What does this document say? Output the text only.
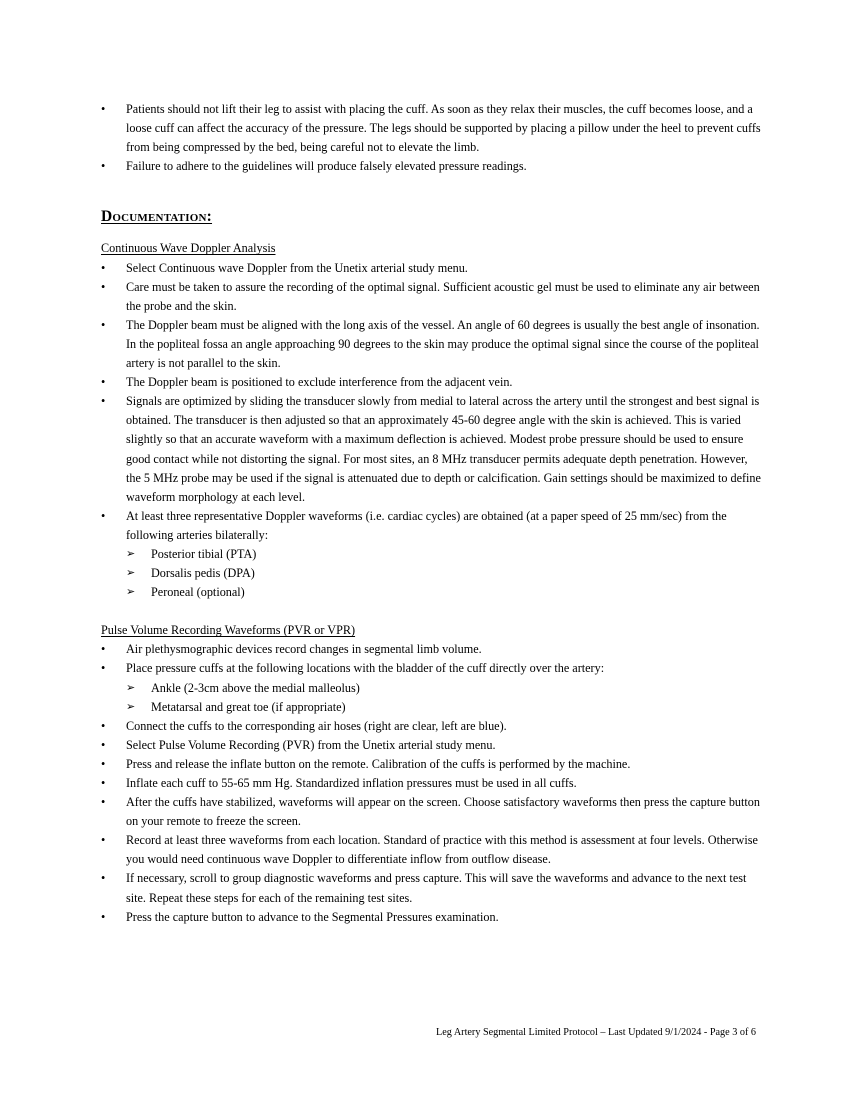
•	Patients should not lift their leg to assist with placing the cuff. As soon as they relax their muscles, the cuff becomes loose, and a loose cuff can affect the accuracy of the pressure. The legs should be supported by placing a pillow under the heel to prevent cuffs from being compressed by the bed, being careful not to elevate the limb.
•	Failure to adhere to the guidelines will produce falsely elevated pressure readings.
Documentation:
Continuous Wave Doppler Analysis
•	Select Continuous wave Doppler from the Unetix arterial study menu.
•	Care must be taken to assure the recording of the optimal signal. Sufficient acoustic gel must be used to eliminate any air between the probe and the skin.
•	The Doppler beam must be aligned with the long axis of the vessel. An angle of 60 degrees is usually the best angle of insonation. In the popliteal fossa an angle approaching 90 degrees to the skin may produce the optimal signal since the course of the popliteal artery is not parallel to the skin.
•	The Doppler beam is positioned to exclude interference from the adjacent vein.
•	Signals are optimized by sliding the transducer slowly from medial to lateral across the artery until the strongest and best signal is obtained. The transducer is then adjusted so that an approximately 45-60 degree angle with the skin is achieved. This is varied slightly so that an accurate waveform with a maximum deflection is achieved. Modest probe pressure should be used to ensure good contact while not distorting the signal. For most sites, an 8 MHz transducer permits adequate depth penetration. However, the 5 MHz probe may be used if the signal is attenuated due to depth or calcification. Gain settings should be maximized to define waveform morphology at each level.
•	At least three representative Doppler waveforms (i.e. cardiac cycles) are obtained (at a paper speed of 25 mm/sec) from the following arteries bilaterally:
➢ Posterior tibial (PTA)
➢ Dorsalis pedis (DPA)
➢ Peroneal (optional)
Pulse Volume Recording Waveforms (PVR or VPR)
•	Air plethysmographic devices record changes in segmental limb volume.
•	Place pressure cuffs at the following locations with the bladder of the cuff directly over the artery:
➢ Ankle (2-3cm above the medial malleolus)
➢ Metatarsal and great toe (if appropriate)
•	Connect the cuffs to the corresponding air hoses (right are clear, left are blue).
•	Select Pulse Volume Recording (PVR) from the Unetix arterial study menu.
•	Press and release the inflate button on the remote. Calibration of the cuffs is performed by the machine.
•	Inflate each cuff to 55-65 mm Hg. Standardized inflation pressures must be used in all cuffs.
•	After the cuffs have stabilized, waveforms will appear on the screen. Choose satisfactory waveforms then press the capture button on your remote to freeze the screen.
•	Record at least three waveforms from each location. Standard of practice with this method is assessment at four levels. Otherwise you would need continuous wave Doppler to differentiate inflow from outflow disease.
•	If necessary, scroll to group diagnostic waveforms and press capture. This will save the waveforms and advance to the next test site. Repeat these steps for each of the remaining test sites.
•	Press the capture button to advance to the Segmental Pressures examination.
Leg Artery Segmental Limited Protocol – Last Updated 9/1/2024 - Page 3 of 6
